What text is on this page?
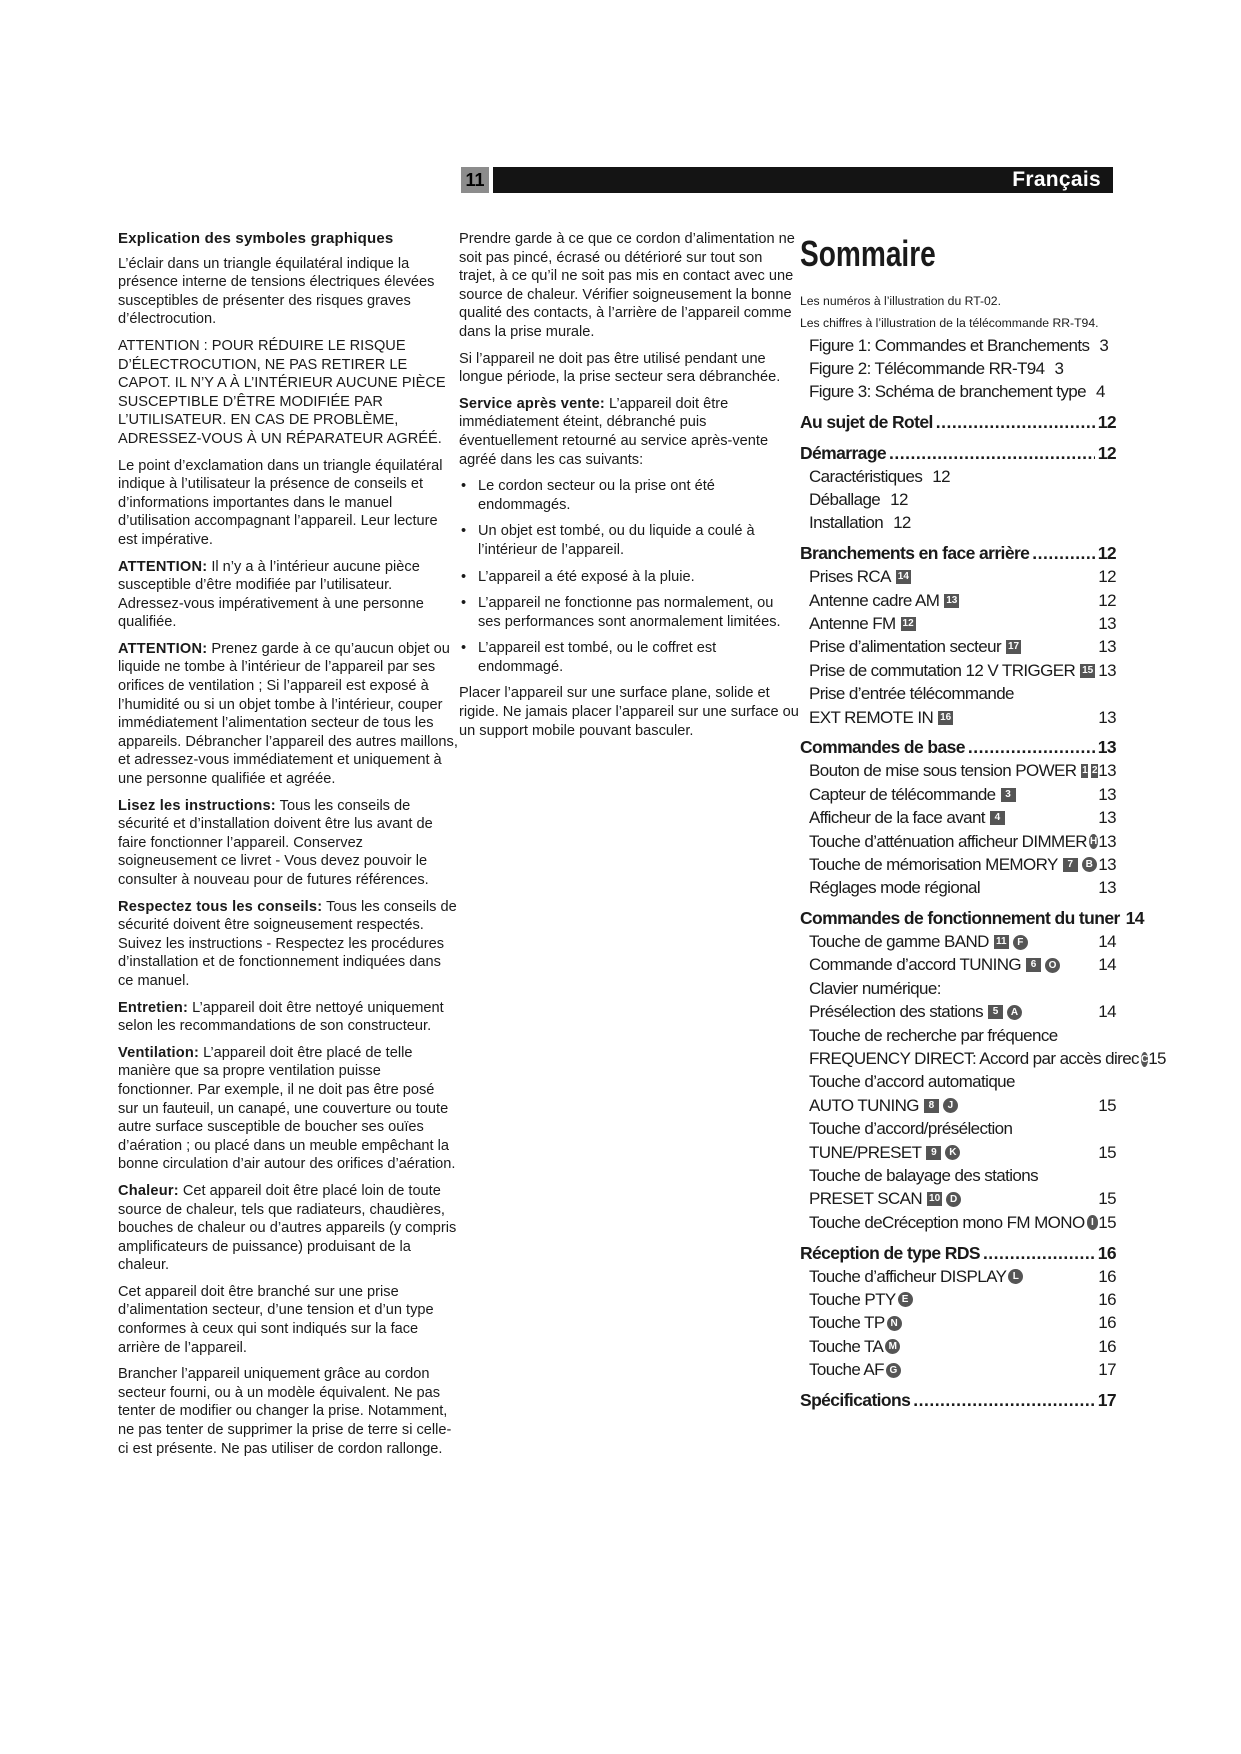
11	Français

Explication des symboles graphiques

L’éclair dans un triangle équilatéral indique la présence interne de tensions électriques élevées susceptibles de présenter des risques graves d’électrocution.

ATTENTION : POUR RÉDUIRE LE RISQUE D’ÉLECTROCUTION, NE PAS RETIRER LE CAPOT. IL N’Y A À L’INTÉRIEUR AUCUNE PIÈCE SUSCEPTIBLE D’ÊTRE MODIFIÉE PAR L’UTILISATEUR. EN CAS DE PROBLÈME, ADRESSEZ-VOUS À UN RÉPARATEUR AGRÉÉ.

Le point d’exclamation dans un triangle équilatéral indique à l’utilisateur la présence de conseils et d’informations importantes dans le manuel d’utilisation accompagnant l’appareil. Leur lecture est impérative.

ATTENTION: Il n’y a à l’intérieur aucune pièce susceptible d’être modifiée par l’utilisateur. Adressez-vous impérativement à une personne qualifiée.

ATTENTION: Prenez garde à ce qu’aucun objet ou liquide ne tombe à l’intérieur de l’appareil par ses orifices de ventilation ; Si l’appareil est exposé à l’humidité ou si un objet tombe à l’intérieur, couper immédiatement l’alimentation secteur de tous les appareils. Débrancher l’appareil des autres maillons, et adressez-vous immédiatement et uniquement à une personne qualifiée et agréée.

Lisez les instructions: Tous les conseils de sécurité et d’installation doivent être lus avant de faire fonctionner l’appareil. Conservez soigneusement ce livret - Vous devez pouvoir le consulter à nouveau pour de futures références.

Respectez tous les conseils: Tous les conseils de sécurité doivent être soigneusement respectés. Suivez les instructions - Respectez les procédures d’installation et de fonctionnement indiquées dans ce manuel.

Entretien: L’appareil doit être nettoyé uniquement selon les recommandations de son constructeur.

Ventilation: L’appareil doit être placé de telle manière que sa propre ventilation puisse fonctionner. Par exemple, il ne doit pas être posé sur un fauteuil, un canapé, une couverture ou toute autre surface susceptible de boucher ses ouïes d’aération ; ou placé dans un meuble empêchant la bonne circulation d’air autour des orifices d’aération.

Chaleur: Cet appareil doit être placé loin de toute source de chaleur, tels que radiateurs, chaudières, bouches de chaleur ou d’autres appareils (y compris amplificateurs de puissance) produisant de la chaleur.

Cet appareil doit être branché sur une prise d’alimentation secteur, d’une tension et d’un type conformes à ceux qui sont indiqués sur la face arrière de l’appareil.

Brancher l’appareil uniquement grâce au cordon secteur fourni, ou à un modèle équivalent. Ne pas tenter de modifier ou changer la prise. Notamment, ne pas tenter de supprimer la prise de terre si celle-ci est présente. Ne pas utiliser de cordon rallonge.

Prendre garde à ce que ce cordon d’alimentation ne soit pas pincé, écrasé ou détérioré sur tout son trajet, à ce qu’il ne soit pas mis en contact avec une source de chaleur. Vérifier soigneusement la bonne qualité des contacts, à l’arrière de l’appareil comme dans la prise murale.

Si l’appareil ne doit pas être utilisé pendant une longue période, la prise secteur sera débranchée.

Service après vente: L’appareil doit être immédiatement éteint, débranché puis éventuellement retourné au service après-vente agréé dans les cas suivants:

• Le cordon secteur ou la prise ont été endommagés.
• Un objet est tombé, ou du liquide a coulé à l’intérieur de l’appareil.
• L’appareil a été exposé à la pluie.
• L’appareil ne fonctionne pas normalement, ou ses performances sont anormalement limitées.
• L’appareil est tombé, ou le coffret est endommagé.

Placer l’appareil sur une surface plane, solide et rigide. Ne jamais placer l’appareil sur une surface ou un support mobile pouvant basculer.

Sommaire
Les numéros à l’illustration du RT-02.
Les chiffres à l’illustration de la télécommande RR-T94.
Figure 1: Commandes et Branchements 3
Figure 2: Télécommande RR-T94 3
Figure 3: Schéma de branchement type 4
Au sujet de Rotel .....	12
Démarrage .....	12
Caractéristiques 12
Déballage 12
Installation 12
Branchements en face arrière .....	12
Prises RCA 14	12
Antenne cadre AM 13	12
Antenne FM 12	13
Prise d’alimentation secteur 17	13
Prise de commutation 12 V TRIGGER 15 13
Prise d’entrée télécommande
EXT REMOTE IN 16	13
Commandes de base .....	13
Bouton de mise sous tension POWER 1 2 13
Capteur de télécommande 3	13
Afficheur de la face avant 4	13
Touche d’atténuation afficheur DIMMER H 13
Touche de mémorisation MEMORY 7	B 13
Réglages mode régional	13
Commandes de fonctionnement du tuner 14
Touche de gamme BAND 11	F	14
Commande d’accord TUNING 6	O 14
Clavier numérique:
Présélection des stations 5	A	14
Touche de recherche par fréquence
FREQUENCY DIRECT: Accord par accès direc C 15
Touche d’accord automatique
AUTO TUNING 8	J	15
Touche d’accord/présélection
TUNE/PRESET 9	K	15
Touche de balayage des stations
PRESET SCAN 10 D	15
Touche deCréception mono FM MONO I 15
Réception de type RDS .....	16
Touche d’afficheur DISPLAY L	16
Touche PTY E	16
Touche TP N	16
Touche TA M	16
Touche AF G	17
Spécifications .....	17
